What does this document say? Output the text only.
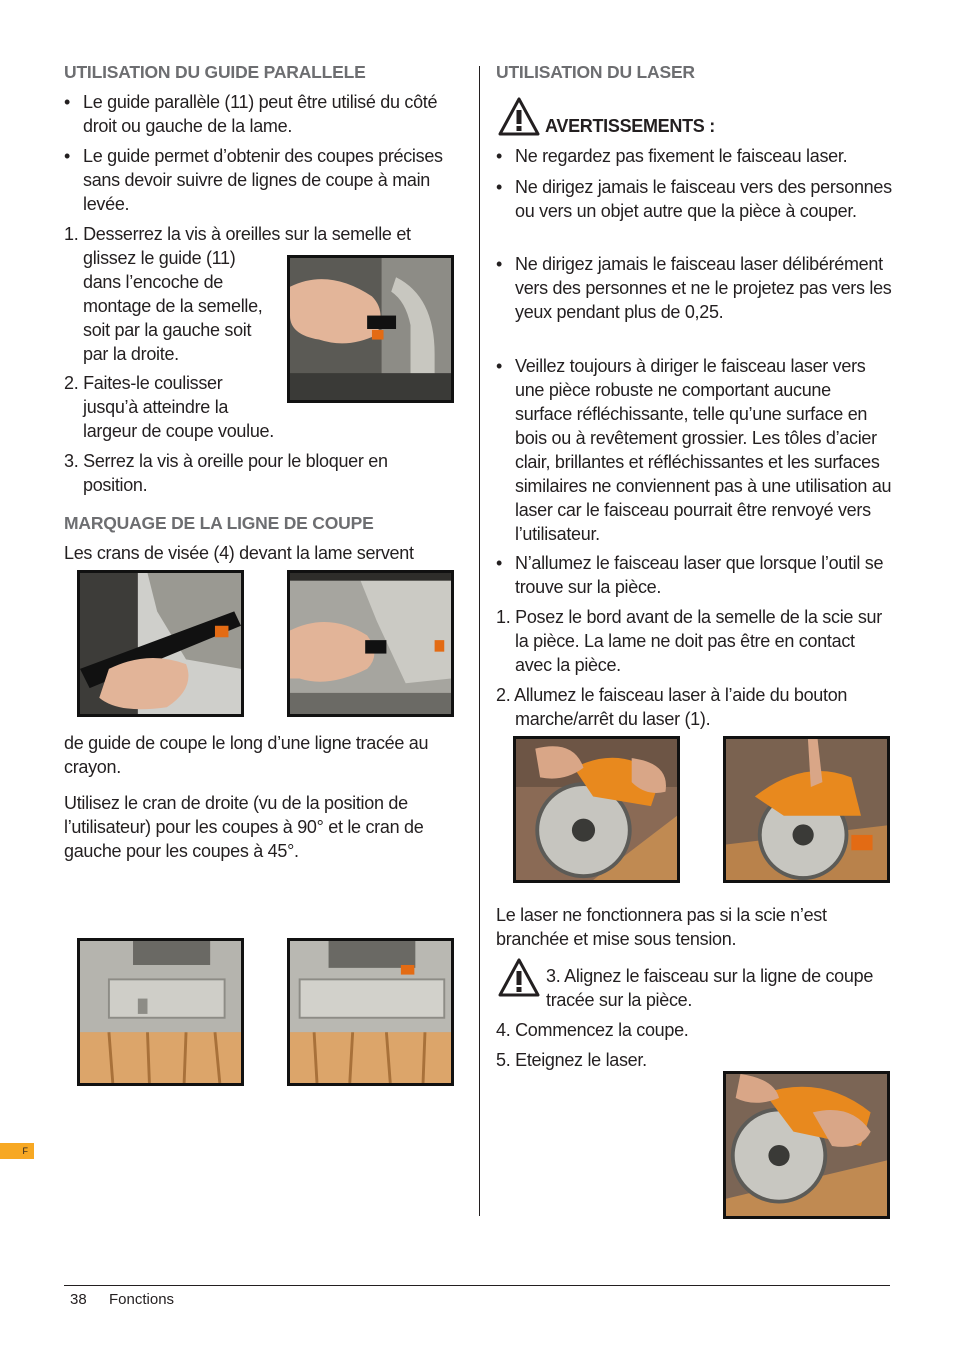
UTILISATION DU GUIDE PARALLELE

• Le guide parallèle (11) peut être utilisé du côté droit ou gauche de la lame.
• Le guide permet d’obtenir des coupes précises sans devoir suivre de lignes de coupe à main levée.

1. Desserrez la vis à oreilles sur la semelle et

glissez le guide (11)
dans l’encoche de
montage de la semelle,
soit par la gauche soit
par la droite.
2. Faites-le coulisser
jusqu’à atteindre la
largeur de coupe voulue.

3. Serrez la vis à oreille pour le bloquer en position.

MARQUAGE DE LA LIGNE DE COUPE

Les crans de visée (4) devant la lame servent

de guide de coupe le long d’une ligne tracée au crayon.

Utilisez le cran de droite (vu de la position de l’utilisateur) pour les coupes à 90° et le cran de gauche pour les coupes à 45°.

UTILISATION DU LASER

AVERTISSEMENTS :

• Ne regardez pas fixement le faisceau laser.
• Ne dirigez jamais le faisceau vers des personnes ou vers un objet autre que la pièce à couper.
• Ne dirigez jamais le faisceau laser délibérément vers des personnes et ne le projetez pas vers les yeux pendant plus de 0,25.
• Veillez toujours à diriger le faisceau laser vers une pièce robuste ne comportant aucune surface réfléchissante, telle qu’une surface en bois ou à revêtement grossier. Les tôles d’acier clair, brillantes et réfléchissantes et les surfaces similaires ne conviennent pas à une utilisation au laser car le faisceau pourrait être renvoyé vers l’utilisateur.
• N’allumez le faisceau laser que lorsque l’outil se trouve sur la pièce.

1. Posez le bord avant de la semelle de la scie sur la pièce. La lame ne doit pas être en contact avec la pièce.

2. Allumez le faisceau laser à l’aide du bouton marche/arrêt du laser (1).

Le laser ne fonctionnera pas si la scie n’est branchée et mise sous tension.

3. Alignez le faisceau sur la ligne de coupe tracée sur la pièce.

4. Commencez la coupe.

5. Eteignez le laser.

F
38 Fonctions
